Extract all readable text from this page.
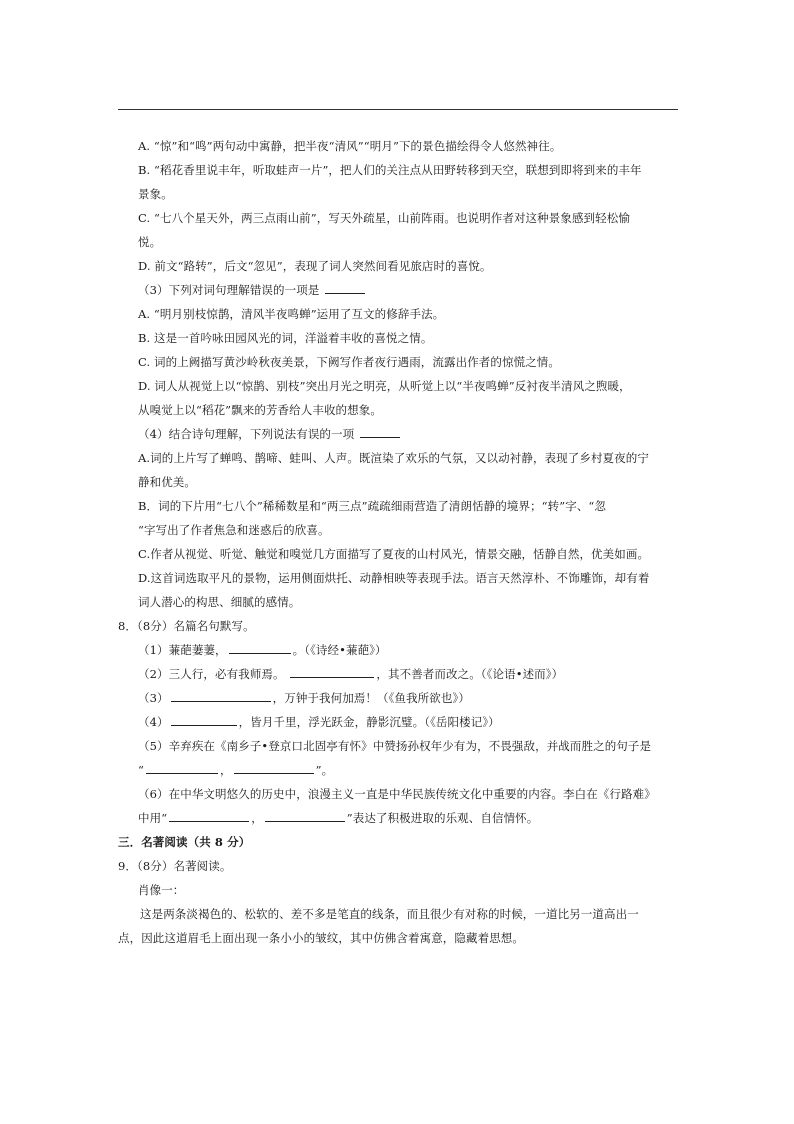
A. “惊”和“鸣”两句动中寓静，把半夜“清风”“明月”下的景色描绘得令人悠然神往。
B. “稻花香里说丰年，听取蛙声一片”，把人们的关注点从田野转移到天空，联想到即将到来的丰年
景象。
C. “七八个星天外，两三点雨山前”，写天外疏星，山前阵雨。也说明作者对这种景象感到轻松愉
悦。
D. 前文“路转”，后文“忽见”，表现了词人突然间看见旅店时的喜悅。
（3）下列对词句理解错误的一项是
A. “明月别枝惊鹊，清风半夜鸣蝉”运用了互文的修辞手法。
B. 这是一首吟咏田园风光的词，洋溢着丰收的喜悦之情。
C. 词的上阙描写黄沙岭秋夜美景，下阙写作者夜行遇雨，流露出作者的惊慌之情。
D. 词人从视觉上以“惊鹊、别枝”突出月光之明亮，从听觉上以“半夜鸣蝉”反衬夜半清风之煦暖，
从嗅觉上以“稻花”飘来的芳香给人丰收的想象。
（4）结合诗句理解，下列说法有误的一项
A.词的上片写了蝉鸣、鹊啼、蛙叫、人声。既渲染了欢乐的气氛，又以动衬静，表现了乡村夏夜的宁
静和优美。
B．词的下片用“七八个”稀稀数星和“两三点”疏疏细雨营造了清朗恬静的境界；“转”字、“忽
“字写出了作者焦急和迷惑后的欣喜。
C.作者从视觉、听觉、触觉和嗅觉几方面描写了夏夜的山村风光，情景交融，恬静自然，优美如画。
D.这首词选取平凡的景物，运用侧面烘托、动静相映等表现手法。语言天然淳朴、不饰雕饰，却有着
词人潜心的构思、细腻的感情。
8．（8分）名篇名句默写。
（1）蒹葩萋萋，	。（《诗经•蒹葩》）
（2）三人行，必有我师焉。	，其不善者而改之。（《论语•述而》）
（3）	，万钟于我何加焉！（《鱼我所欲也》）
（4）	，皆月千里，浮光跃金，静影沉璧。（《岳阳楼记》）
（5）辛弃疾在《南乡子•登京口北固亭有怀》中赞扬孙权年少有为，不畏强敌，并战而胜之的句子是
“	，	”。
（6）在中华文明悠久的历史中，浪漫主义一直是中华民族传统文化中重要的内容。李白在《行路难》
中用“	，	”表达了积极进取的乐观、自信情怀。
三．名著阅读（共 8 分）
9．（8分）名著阅读。
肖像一：
这是两条淡褐色的、松软的、差不多是笔直的线条，而且很少有对称的时候，一道比另一道高出一
点，因此这道眉毛上面出现一条小小的皱纹，其中仿佛含着寓意，隐藏着思想。
